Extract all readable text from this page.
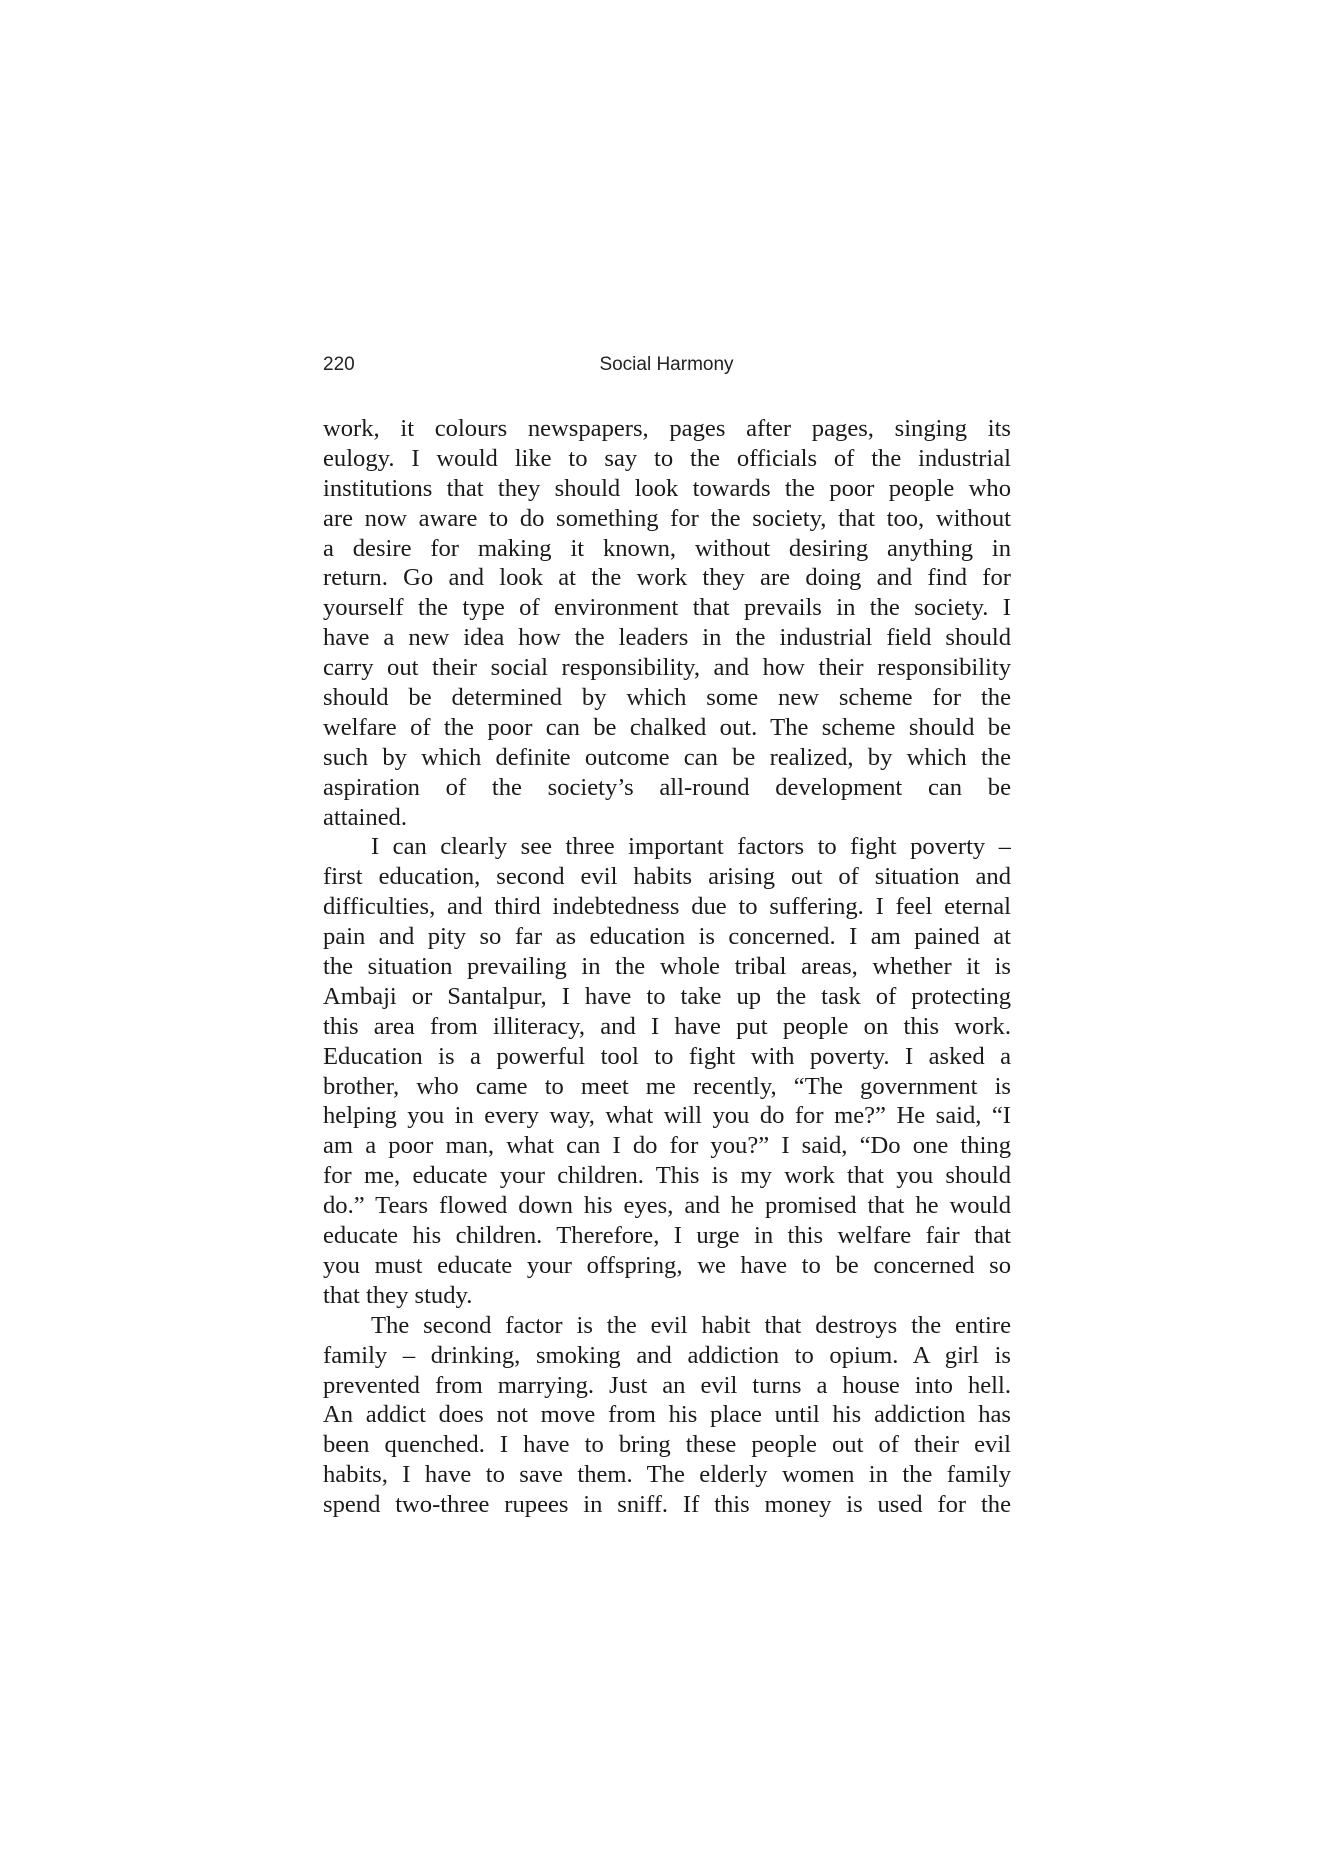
220	Social Harmony
work, it colours newspapers, pages after pages, singing its
eulogy. I would like to say to the officials of the industrial
institutions that they should look towards the poor people who
are now aware to do something for the society, that too, without
a desire for making it known, without desiring anything in
return. Go and look at the work they are doing and find for
yourself the type of environment that prevails in the society. I
have a new idea how the leaders in the industrial field should
carry out their social responsibility, and how their responsibility
should be determined by which some new scheme for the
welfare of the poor can be chalked out. The scheme should be
such by which definite outcome can be realized, by which the
aspiration of the society’s all-round development can be
attained.
I can clearly see three important factors to fight poverty –
first education, second evil habits arising out of situation and
difficulties, and third indebtedness due to suffering. I feel eternal
pain and pity so far as education is concerned. I am pained at
the situation prevailing in the whole tribal areas, whether it is
Ambaji or Santalpur, I have to take up the task of protecting
this area from illiteracy, and I have put people on this work.
Education is a powerful tool to fight with poverty. I asked a
brother, who came to meet me recently, “The government is
helping you in every way, what will you do for me?” He said, “I
am a poor man, what can I do for you?” I said, “Do one thing
for me, educate your children. This is my work that you should
do.” Tears flowed down his eyes, and he promised that he would
educate his children. Therefore, I urge in this welfare fair that
you must educate your offspring, we have to be concerned so
that they study.
The second factor is the evil habit that destroys the entire
family – drinking, smoking and addiction to opium. A girl is
prevented from marrying. Just an evil turns a house into hell.
An addict does not move from his place until his addiction has
been quenched. I have to bring these people out of their evil
habits, I have to save them. The elderly women in the family
spend two-three rupees in sniff. If this money is used for the
